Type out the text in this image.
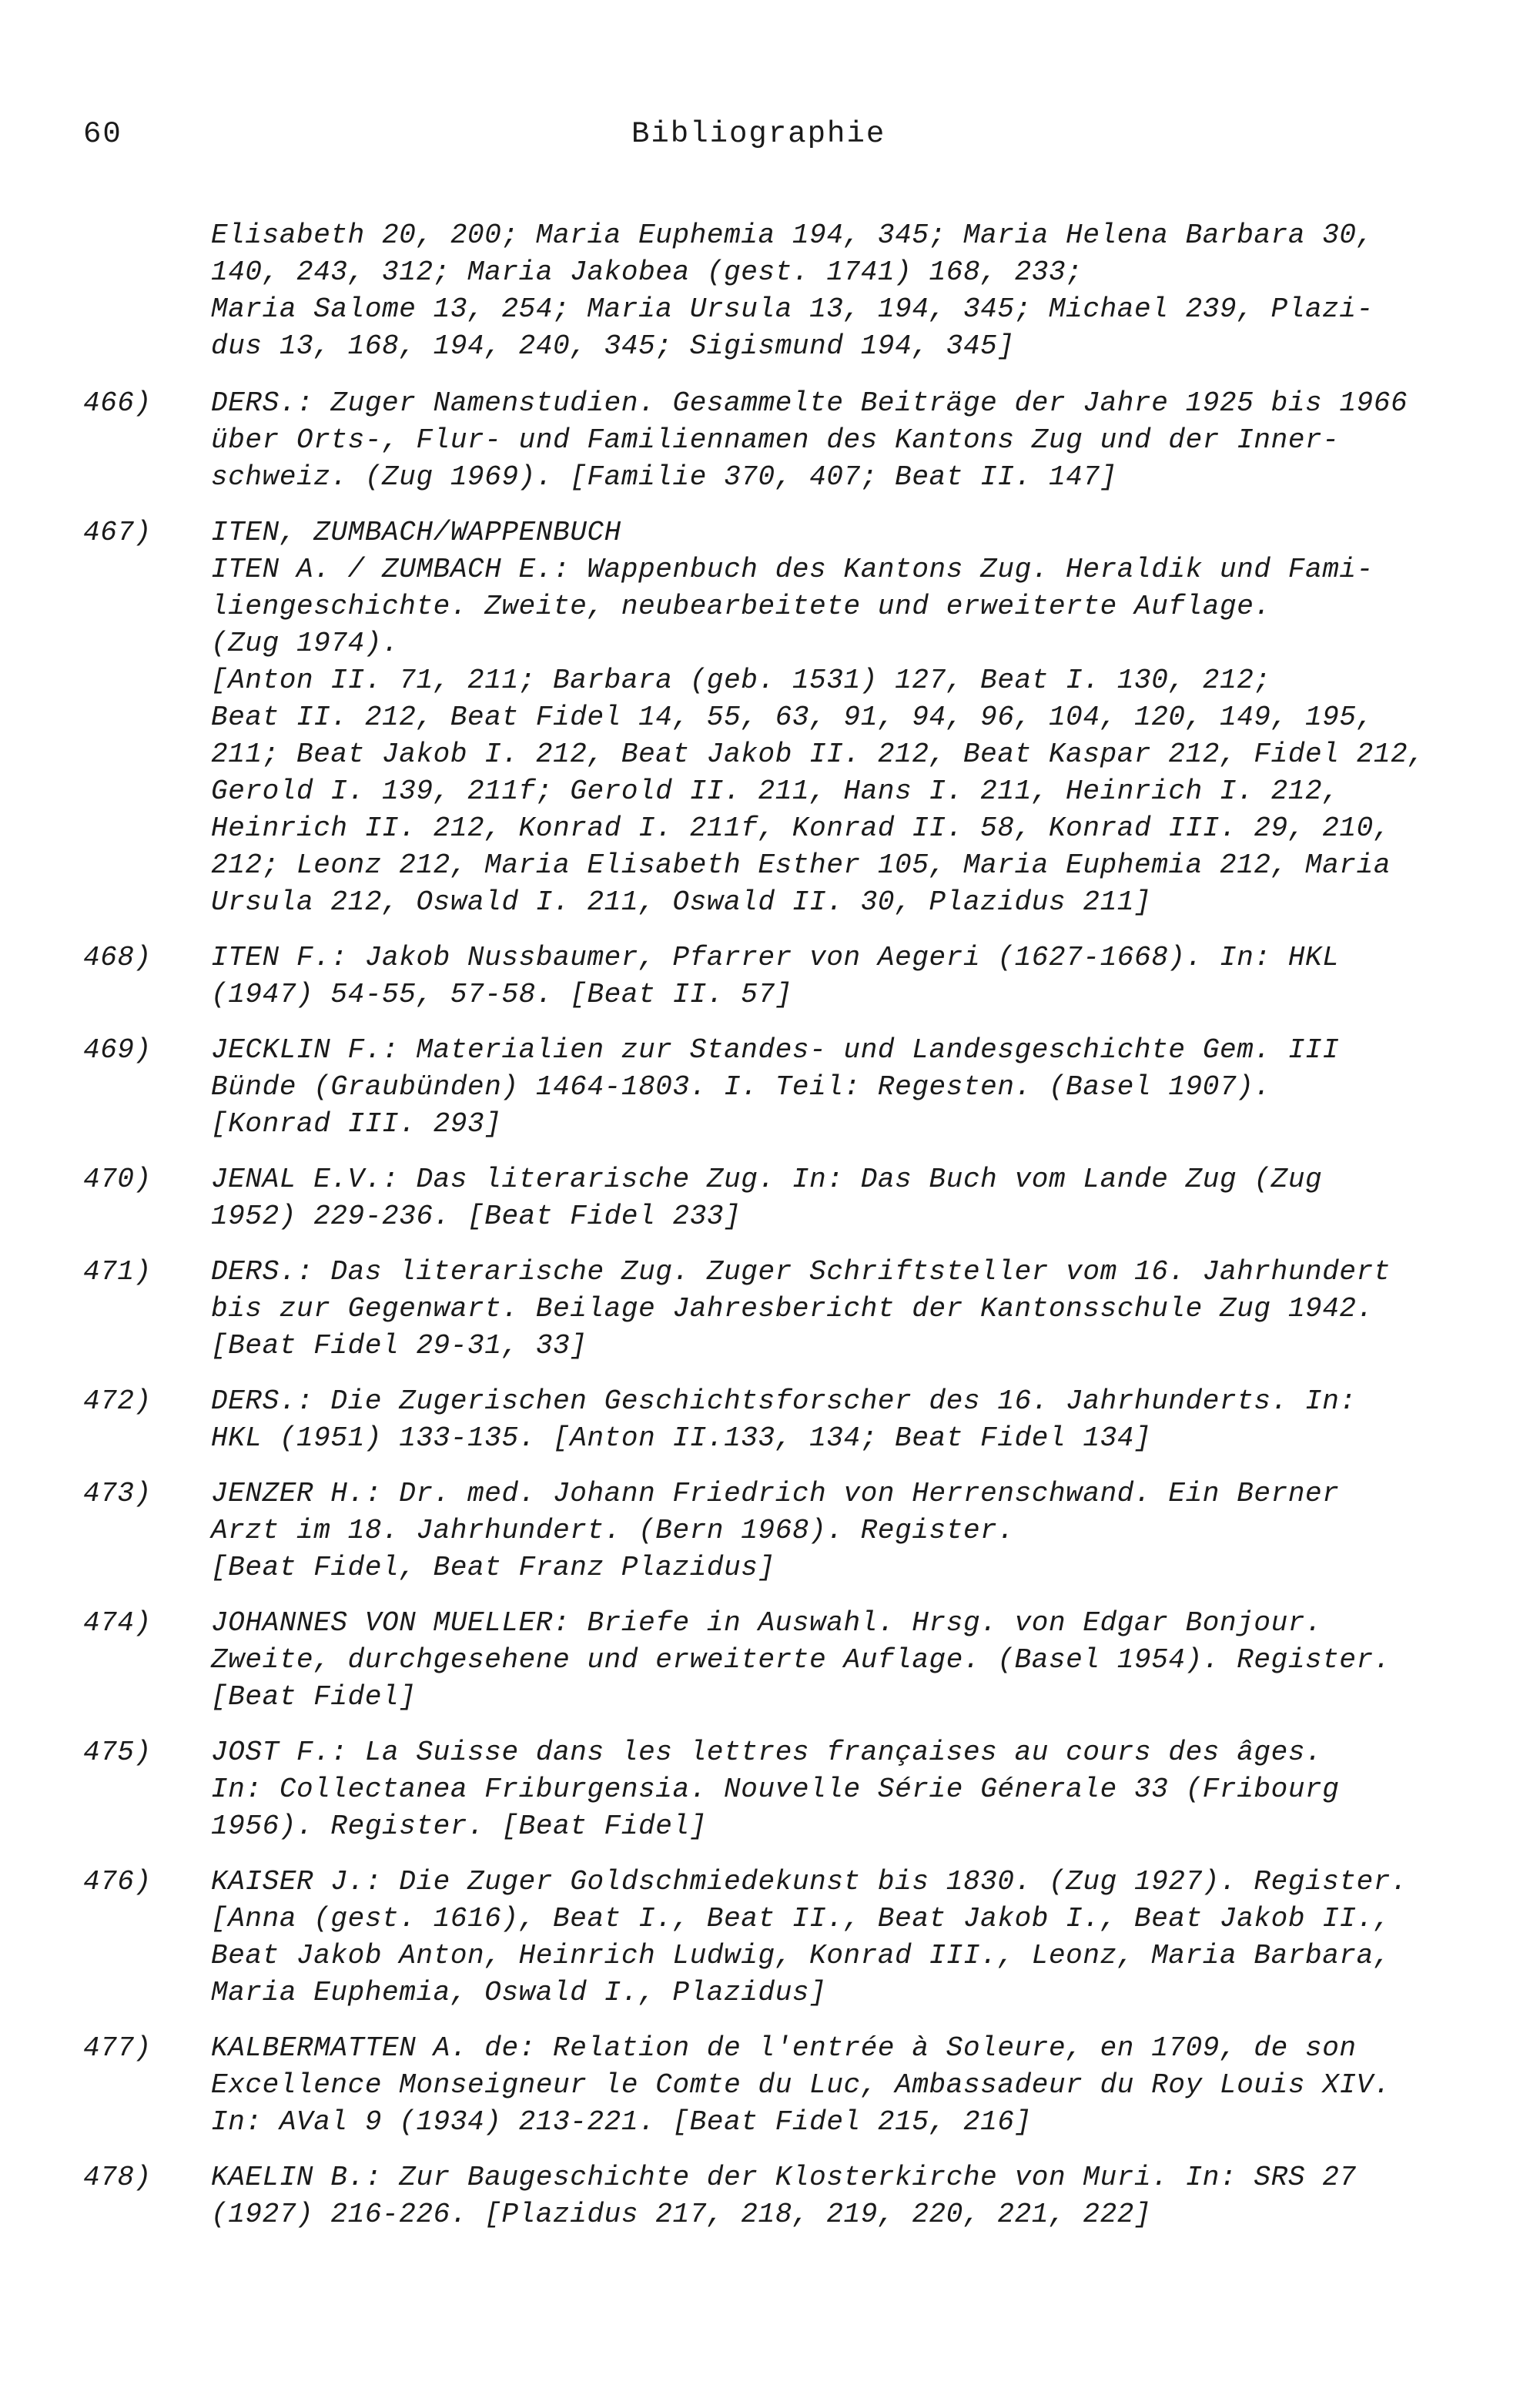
60	Bibliographie
Elisabeth 20, 200; Maria Euphemia 194, 345; Maria Helena Barbara 30,
140, 243, 312; Maria Jakobea (gest. 1741) 168, 233;
Maria Salome 13, 254; Maria Ursula 13, 194, 345; Michael 239, Plazi-
dus 13, 168, 194, 240, 345; Sigismund 194, 345]
466)	DERS.: Zuger Namenstudien. Gesammelte Beiträge der Jahre 1925 bis 1966
über Orts-, Flur- und Familiennamen des Kantons Zug und der Inner-
schweiz. (Zug 1969). [Familie 370, 407; Beat II. 147]
467)	ITEN, ZUMBACH/WAPPENBUCH
ITEN A. / ZUMBACH E.: Wappenbuch des Kantons Zug. Heraldik und Fami-
liengeschichte. Zweite, neubearbeitete und erweiterte Auflage.
(Zug 1974).
[Anton II. 71, 211; Barbara (geb. 1531) 127, Beat I. 130, 212;
Beat II. 212, Beat Fidel 14, 55, 63, 91, 94, 96, 104, 120, 149, 195,
211; Beat Jakob I. 212, Beat Jakob II. 212, Beat Kaspar 212, Fidel 212,
Gerold I. 139, 211f; Gerold II. 211, Hans I. 211, Heinrich I. 212,
Heinrich II. 212, Konrad I. 211f, Konrad II. 58, Konrad III. 29, 210,
212; Leonz 212, Maria Elisabeth Esther 105, Maria Euphemia 212, Maria
Ursula 212, Oswald I. 211, Oswald II. 30, Plazidus 211]
468)	ITEN F.: Jakob Nussbaumer, Pfarrer von Aegeri (1627-1668). In: HKL
(1947) 54-55, 57-58. [Beat II. 57]
469)	JECKLIN F.: Materialien zur Standes- und Landesgeschichte Gem. III
Bünde (Graubünden) 1464-1803. I. Teil: Regesten. (Basel 1907).
[Konrad III. 293]
470)	JENAL E.V.: Das literarische Zug. In: Das Buch vom Lande Zug (Zug
1952) 229-236. [Beat Fidel 233]
471)	DERS.: Das literarische Zug. Zuger Schriftsteller vom 16. Jahrhundert
bis zur Gegenwart. Beilage Jahresbericht der Kantonsschule Zug 1942.
[Beat Fidel 29-31, 33]
472)	DERS.: Die Zugerischen Geschichtsforscher des 16. Jahrhunderts. In:
HKL (1951) 133-135. [Anton II.133, 134; Beat Fidel 134]
473)	JENZER H.: Dr. med. Johann Friedrich von Herrenschwand. Ein Berner
Arzt im 18. Jahrhundert. (Bern 1968). Register.
[Beat Fidel, Beat Franz Plazidus]
474)	JOHANNES VON MUELLER: Briefe in Auswahl. Hrsg. von Edgar Bonjour.
Zweite, durchgesehene und erweiterte Auflage. (Basel 1954). Register.
[Beat Fidel]
475)	JOST F.: La Suisse dans les lettres françaises au cours des âges.
In: Collectanea Friburgensia. Nouvelle Série Génerale 33 (Fribourg
1956). Register. [Beat Fidel]
476)	KAISER J.: Die Zuger Goldschmiedekunst bis 1830. (Zug 1927). Register.
[Anna (gest. 1616), Beat I., Beat II., Beat Jakob I., Beat Jakob II.,
Beat Jakob Anton, Heinrich Ludwig, Konrad III., Leonz, Maria Barbara,
Maria Euphemia, Oswald I., Plazidus]
477)	KALBERMATTEN A. de: Relation de l'entrée à Soleure, en 1709, de son
Excellence Monseigneur le Comte du Luc, Ambassadeur du Roy Louis XIV.
In: AVal 9 (1934) 213-221. [Beat Fidel 215, 216]
478)	KAELIN B.: Zur Baugeschichte der Klosterkirche von Muri. In: SRS 27
(1927) 216-226. [Plazidus 217, 218, 219, 220, 221, 222]
